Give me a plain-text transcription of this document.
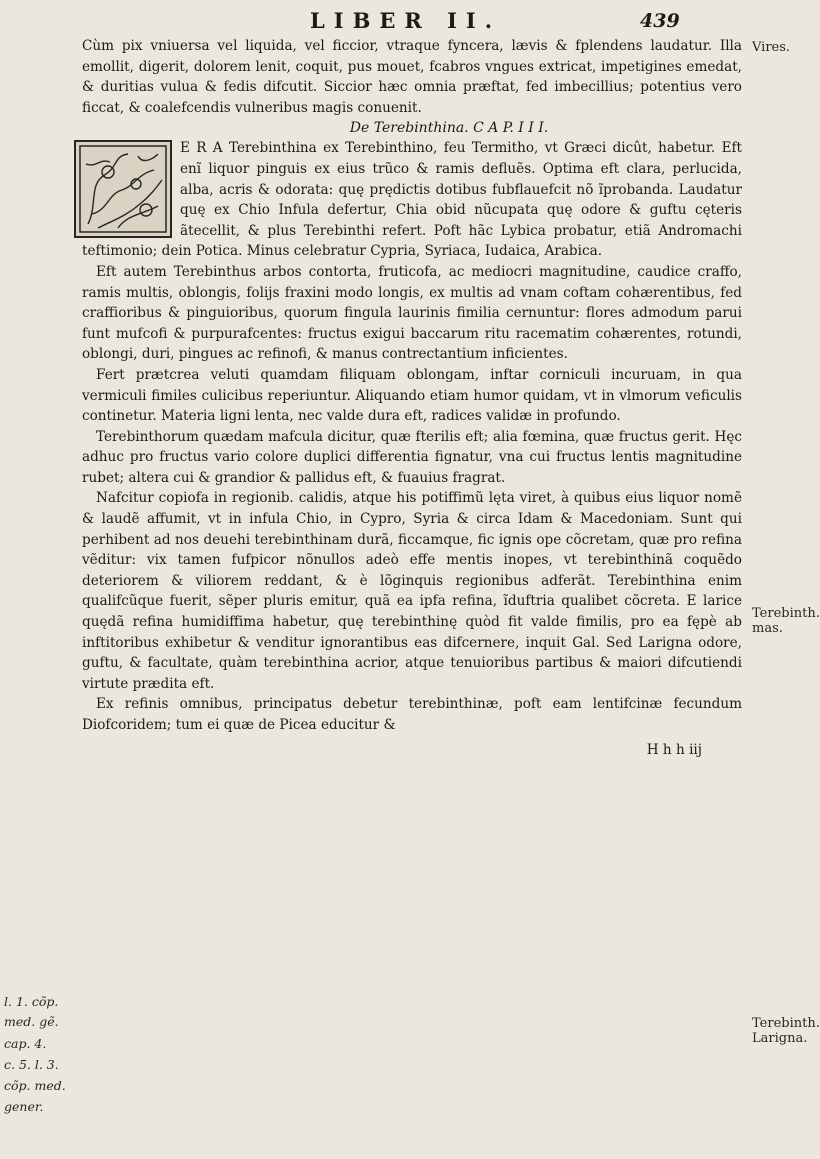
LIBER II.	439

Cùm pix vniuersa vel liquida, vel ficcior, vtraque fyncera, lævis & fplendens laudatur. Illa emollit, digerit, dolorem lenit, coquit, pus mouet, fcabros vngues extricat, impetigines emedat, & duritias vulua & fedis difcutit. Siccior hæc omnia præftat, fed imbecillius; potentius vero ficcat, & coalefcendis vulneribus magis conuenit.

De Terebinthina. C A P. I I I.

E R A Terebinthina ex Terebinthino, feu Termitho, vt Græci dicût, habetur. Eft enĩ liquor pinguis ex eius trũco & ramis defluẽs. Optima eft clara, perlucida, alba, acris & odorata: quę prędictis dotibus fubflauefcit nõ ĩprobanda. Laudatur quę ex Chio Infula defertur, Chia obid nũcupata quę odore & guftu cęteris ãtecellit, & plus Terebinthi refert. Poft hãc Lybica probatur, etiã Andromachi teftimonio; dein Potica. Minus celebratur Cypria, Syriaca, Iudaica, Arabica.

Eft autem Terebinthus arbos contorta, fruticofa, ac mediocri magnitudine, caudice craffo, ramis multis, oblongis, folijs fraxini modo longis, ex multis ad vnam coftam cohærentibus, fed craffioribus & pinguioribus, quorum fingula laurinis fimilia cernuntur: flores admodum parui funt mufcofi & purpurafcentes: fructus exigui baccarum ritu racematim cohærentes, rotundi, oblongi, duri, pingues ac refinofi, & manus contrectantium inficientes.

Fert prætcrea veluti quamdam filiquam oblongam, inftar corniculi incuruam, in qua vermiculi fimiles culicibus reperiuntur. Aliquando etiam humor quidam, vt in vlmorum veficulis continetur. Materia ligni lenta, nec valde dura eft, radices validæ in profundo.

Terebinthorum quædam mafcula dicitur, quæ fterilis eft; alia fœmina, quæ fructus gerit. Hęc adhuc pro fructus vario colore duplici differentia fignatur, vna cui fructus lentis magnitudine rubet; altera cui & grandior & pallidus eft, & fuauius fragrat.

Nafcitur copiofa in regionib. calidis, atque his potiffimũ lęta viret, à quibus eius liquor nomẽ & laudẽ affumit, vt in infula Chio, in Cypro, Syria & circa Idam & Macedoniam. Sunt qui perhibent ad nos deuehi terebinthinam durã, ficcamque, fic ignis ope cõcretam, quæ pro refina vẽditur: vix tamen fufpicor nõnullos adeò effe mentis inopes, vt terebinthinã coquẽdo deteriorem & viliorem reddant, & è lõginquis regionibus adferãt. Terebinthina enim qualifcũque fuerit, sẽper pluris emitur, quã ea ipfa refina, ĩduftria qualibet cõcreta. E larice quędã refina humidiffima habetur, quę terebinthinę quòd fit valde fimilis, pro ea fępè ab inftitoribus exhibetur & venditur ignorantibus eas difcernere, inquit Gal. Sed Larigna odore, guftu, & facultate, quàm terebinthina acrior, atque tenuioribus partibus & maiori difcutiendi virtute prædita eft.

Ex refinis omnibus, principatus debetur terebinthinæ, poft eam lentifcinæ fecundum Diofcoridem; tum ei quæ de Picea educitur &

H h h iij
Vires.
Terebinth. mas.
Terebinth. Larigna.
l. 1. cõp.
med. gẽ.
cap. 4.
c. 5. l. 3.
cõp. med.
gener.
